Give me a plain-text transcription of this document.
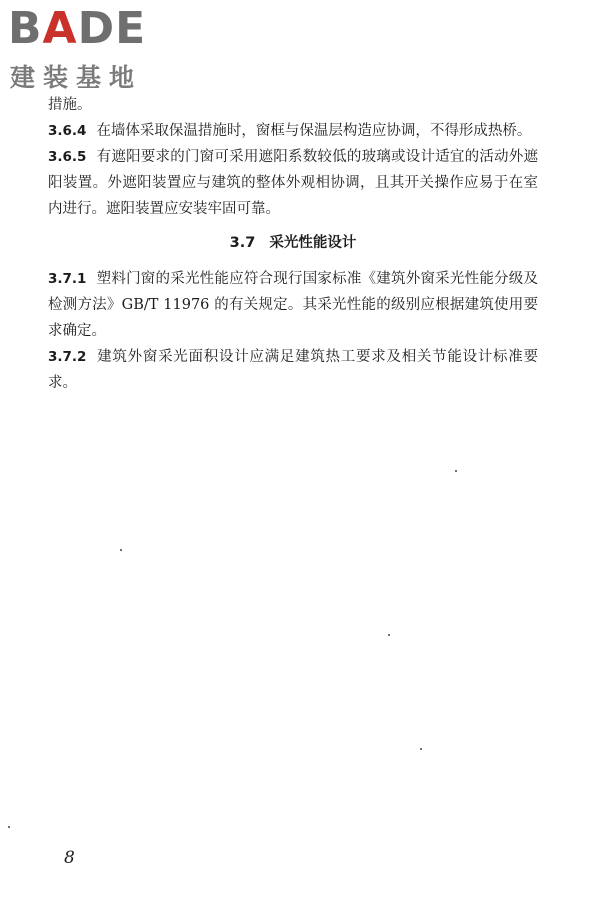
BADE
建装基地

措施。

3.6.4 在墙体采取保温措施时，窗框与保温层构造应协调，不得形成热桥。

3.6.5 有遮阳要求的门窗可采用遮阳系数较低的玻璃或设计适宜的活动外遮阳装置。外遮阳装置应与建筑的整体外观相协调，且其开关操作应易于在室内进行。遮阳装置应安装牢固可靠。

3.7 采光性能设计

3.7.1 塑料门窗的采光性能应符合现行国家标准《建筑外窗采光性能分级及检测方法》GB/T 11976 的有关规定。其采光性能的级别应根据建筑使用要求确定。

3.7.2 建筑外窗采光面积设计应满足建筑热工要求及相关节能设计标准要求。

8
